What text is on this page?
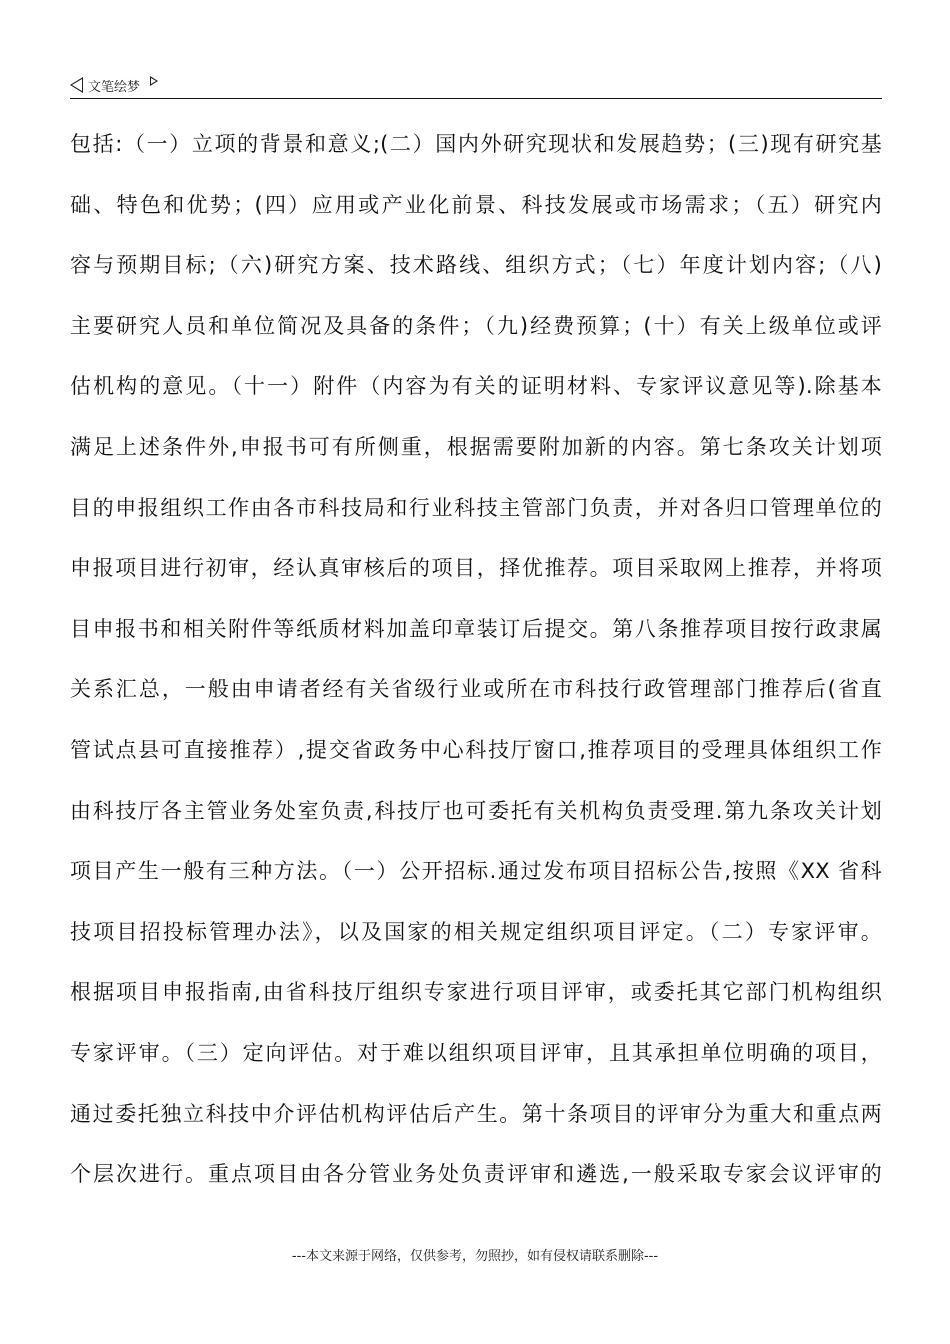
文笔绘梦
包括:（一）立项的背景和意义;(二）国内外研究现状和发展趋势；(三)现有研究基
础、特色和优势；(四）应用或产业化前景、科技发展或市场需求；（五）研究内
容与预期目标;（六)研究方案、技术路线、组织方式；（七）年度计划内容;（八)
主要研究人员和单位简况及具备的条件；（九)经费预算；(十）有关上级单位或评
估机构的意见。（十一）附件（内容为有关的证明材料、专家评议意见等).除基本
满足上述条件外,申报书可有所侧重，根据需要附加新的内容。第七条攻关计划项
目的申报组织工作由各市科技局和行业科技主管部门负责，并对各归口管理单位的
申报项目进行初审，经认真审核后的项目，择优推荐。项目采取网上推荐，并将项
目申报书和相关附件等纸质材料加盖印章装订后提交。第八条推荐项目按行政隶属
关系汇总，一般由申请者经有关省级行业或所在市科技行政管理部门推荐后(省直
管试点县可直接推荐）,提交省政务中心科技厅窗口,推荐项目的受理具体组织工作
由科技厅各主管业务处室负责,科技厅也可委托有关机构负责受理.第九条攻关计划
项目产生一般有三种方法。（一）公开招标.通过发布项目招标公告,按照《XX 省科
技项目招投标管理办法》，以及国家的相关规定组织项目评定。（二）专家评审。
根据项目申报指南,由省科技厅组织专家进行项目评审，或委托其它部门机构组织
专家评审。（三）定向评估。对于难以组织项目评审，且其承担单位明确的项目，
通过委托独立科技中介评估机构评估后产生。第十条项目的评审分为重大和重点两
个层次进行。重点项目由各分管业务处负责评审和遴选,一般采取专家会议评审的
---本文来源于网络，仅供参考，勿照抄，如有侵权请联系删除---
